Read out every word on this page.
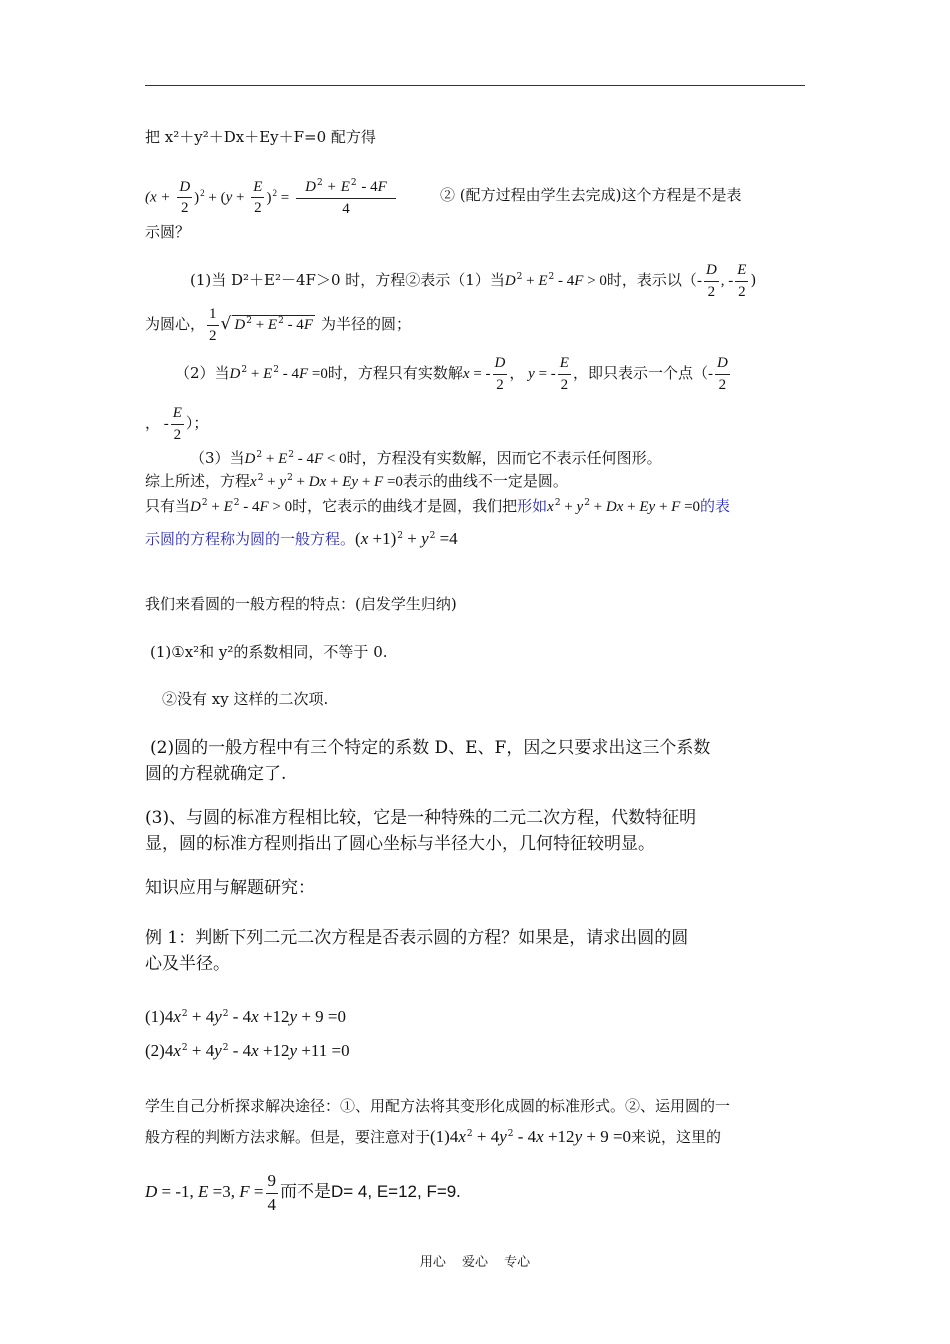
把 x²＋y²＋Dx＋Ey＋F=0 配方得
$(x + \frac{D}{2} )^2 + (y + \frac{E}{2} )^2 = \frac{D^2 + E^2 - 4F}{4}$	② (配方过程由学生去完成)这个方程是不是表
示圆？
(1)当 D²＋E²－4F＞0 时，方程②表示（1）当$D^2 + E^2 - 4F > 0$时，表示以（- $\frac{D}{2}$ , - $\frac{E}{2}$ )
为圆心， $\frac{1}{2}$ √ $D^2 + E^2 - 4F$ 为半径的圆；
（2）当$D^2 + E^2 - 4F =0$时，方程只有实数解x = - $\frac{D}{2}$ ， y = - $\frac{E}{2}$ ，即只表示一个点（- $\frac{D}{2}$
， - $\frac{E}{2}$ ）；
（3）当$D^2 + E^2 - 4F < 0$时，方程没有实数解，因而它不表示任何图形。
综上所述，方程$x^2 + y^2 + Dx + Ey + F =0$表示的曲线不一定是圆。
只有当$D^2 + E^2 - 4F > 0$时，它表示的曲线才是圆，我们把形如$x^2 + y^2 + Dx + Ey + F =0$的表
示圆的方程称为圆的一般方程。$(x +1)^2 + y^2 =4$
我们来看圆的一般方程的特点：(启发学生归纳)
(1)①x²和 y²的系数相同，不等于 0.
②没有 xy 这样的二次项.
(2)圆的一般方程中有三个特定的系数 D、E、F，因之只要求出这三个系数
圆的方程就确定了.
(3)、与圆的标准方程相比较，它是一种特殊的二元二次方程，代数特征明
显，圆的标准方程则指出了圆心坐标与半径大小，几何特征较明显。
知识应用与解题研究：
例 1：判断下列二元二次方程是否表示圆的方程？如果是，请求出圆的圆
心及半径。
$(1)4x^2 + 4y^2 - 4x +12y + 9 =0$
$(2)4x^2 + 4y^2 - 4x +12y +11 =0$
学生自己分析探求解决途径：①、用配方法将其变形化成圆的标准形式。②、运用圆的一
般方程的判断方法求解。但是，要注意对于$(1)4x^2 + 4y^2 - 4x +12y + 9 =0$来说，这里的
D = -1, E =3, $F = \frac{9}{4}$ 而不是D= 4, E=12, F=9.
用心 爱心 专心
